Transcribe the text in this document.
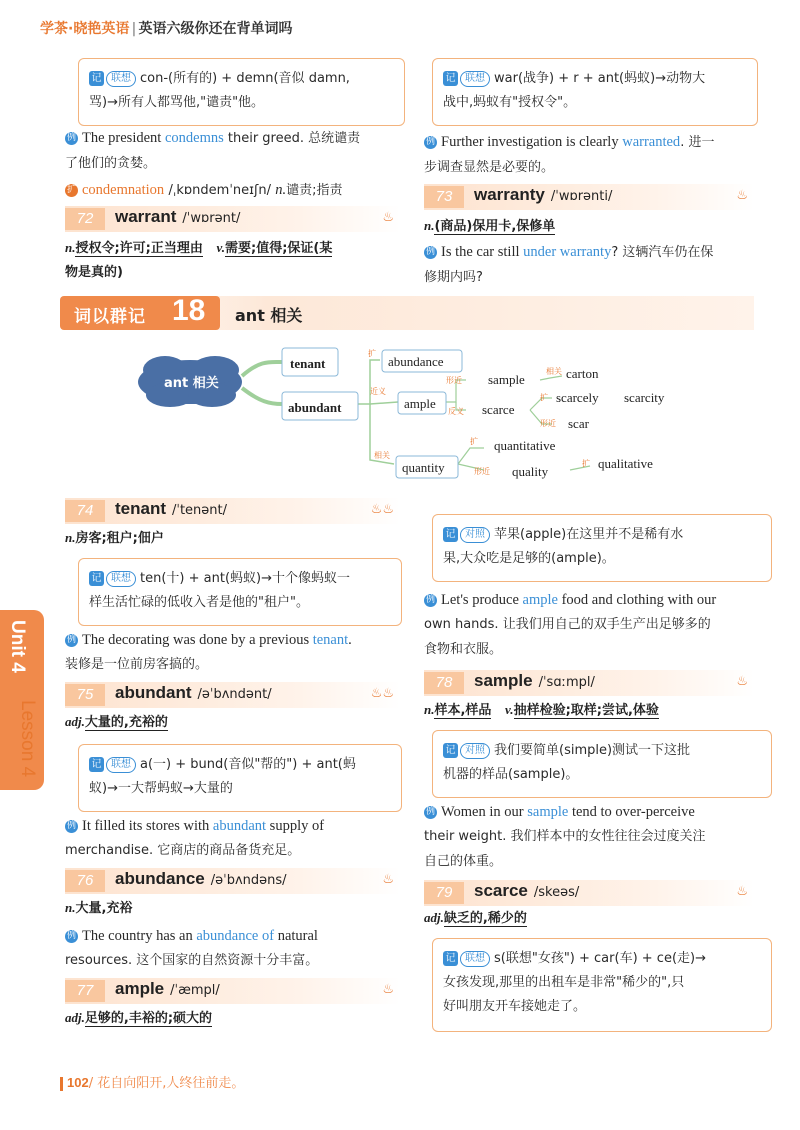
学茶·晓艳英语 | 英语六级你还在背单词吗
记 联想 con-(所有的) + demn(音似 damn,
骂)→所有人都骂他,"谴责"他。
例 The president condemns their greed. 总统谴责
了他们的贪婪。
扩 condemnation /ˌkɒndemˈneɪʃn/ n.谴责;指责
72	warrant /ˈwɒrənt/	♨
n.授权令;许可;正当理由 v.需要;值得;保证(某
物是真的)
记 联想 war(战争) + r + ant(蚂蚁)→动物大
战中,蚂蚁有"授权令"。
例 Further investigation is clearly warranted. 进一
步调查显然是必要的。
73	warranty /ˈwɒrənti/	♨
n.(商品)保用卡,保修单
例 Is the car still under warranty? 这辆汽车仍在保
修期内吗?
词以群记 18 ant 相关
ant 相关
tenant
abundant
扩
近义
相关
abundance
ample
形近 sample
相关 carton
反义 scarce
扩 scarcely scarcity
形近 scar
quantity
扩 quantitative
形近 quality
扩 qualitative
Unit 4
Lesson 4
74	tenant /ˈtenənt/	♨♨
n.房客;租户;佃户
记 联想 ten(十) + ant(蚂蚁)→十个像蚂蚁一
样生活忙碌的低收入者是他的"租户"。
例 The decorating was done by a previous tenant.
装修是一位前房客搞的。
75	abundant /əˈbʌndənt/	♨♨
adj.大量的,充裕的
记 联想 a(一) + bund(音似"帮的") + ant(蚂
蚁)→一大帮蚂蚁→大量的
例 It filled its stores with abundant supply of
merchandise. 它商店的商品备货充足。
76	abundance /əˈbʌndəns/	♨
n.大量,充裕
例 The country has an abundance of natural
resources. 这个国家的自然资源十分丰富。
77	ample /ˈæmpl/	♨
adj.足够的,丰裕的;硕大的
记 对照 苹果(apple)在这里并不是稀有水
果,大众吃是足够的(ample)。
例 Let's produce ample food and clothing with our
own hands. 让我们用自己的双手生产出足够多的
食物和衣服。
78	sample /ˈsɑːmpl/	♨
n.样本,样品 v.抽样检验;取样;尝试,体验
记 对照 我们要简单(simple)测试一下这批
机器的样品(sample)。
例 Women in our sample tend to over-perceive
their weight. 我们样本中的女性往往会过度关注
自己的体重。
79	scarce /skeəs/	♨
adj.缺乏的,稀少的
记 联想 s(联想"女孩") + car(车) + ce(走)→
女孩发现,那里的出租车是非常"稀少的",只
好叫朋友开车接她走了。
102/ 花自向阳开,人终往前走。
